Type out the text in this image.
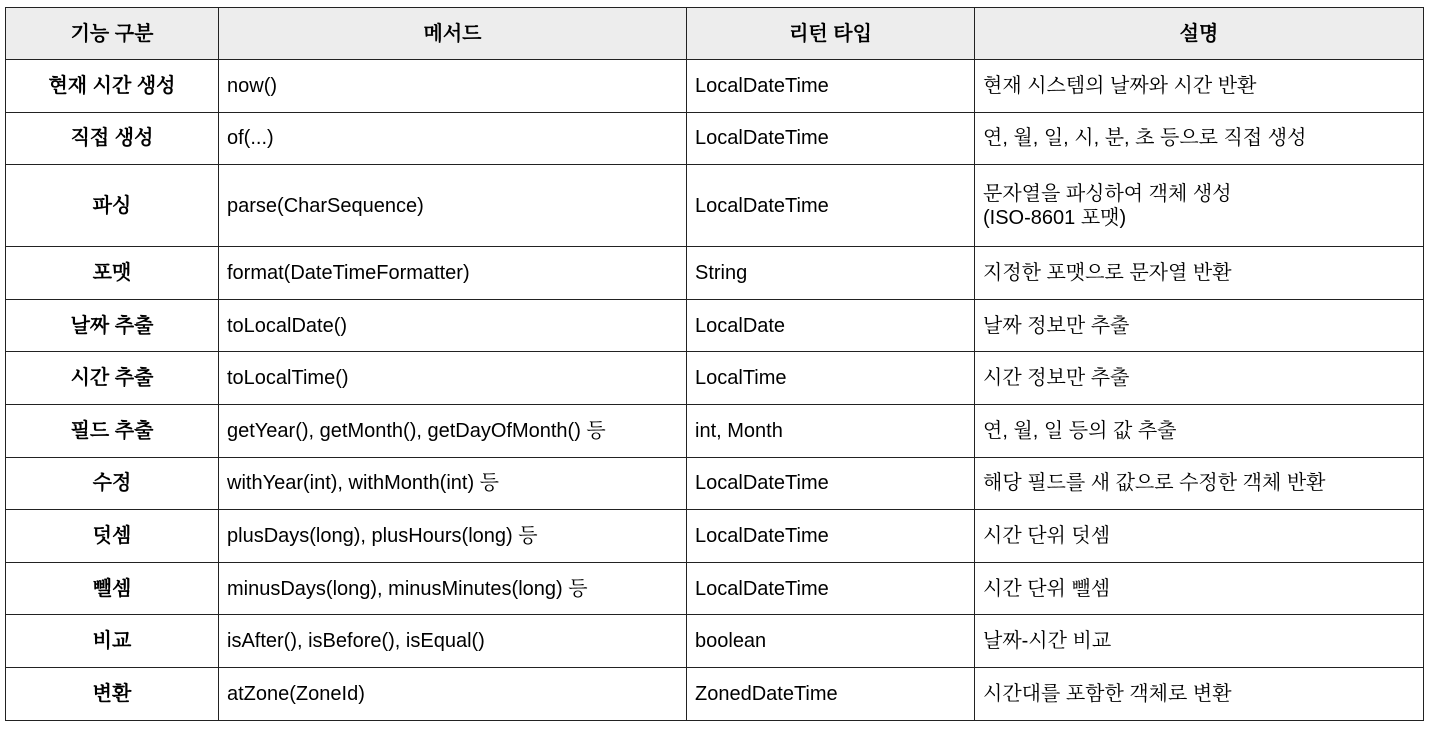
기능 구분	메서드	리턴 타입	설명
현재 시간 생성	now()	LocalDateTime	현재 시스템의 날짜와 시간 반환

직접 생성	of(...)	LocalDateTime	연, 월, 일, 시, 분, 초 등으로 직접 생성

파싱	parse(CharSequence)	LocalDateTime	문자열을 파싱하여 객체 생성
(ISO-8601 포맷)

포맷	format(DateTimeFormatter)	String	지정한 포맷으로 문자열 반환

날짜 추출	toLocalDate()	LocalDate	날짜 정보만 추출

시간 추출	toLocalTime()	LocalTime	시간 정보만 추출

필드 추출	getYear(), getMonth(), getDayOfMonth() 등	int, Month	연, 월, 일 등의 값 추출

수정	withYear(int), withMonth(int) 등	LocalDateTime	해당 필드를 새 값으로 수정한 객체 반환

덧셈	plusDays(long), plusHours(long) 등	LocalDateTime	시간 단위 덧셈

뺄셈	minusDays(long), minusMinutes(long) 등	LocalDateTime	시간 단위 뺄셈

비교	isAfter(), isBefore(), isEqual()	boolean	날짜-시간 비교

변환	atZone(ZoneId)	ZonedDateTime	시간대를 포함한 객체로 변환
